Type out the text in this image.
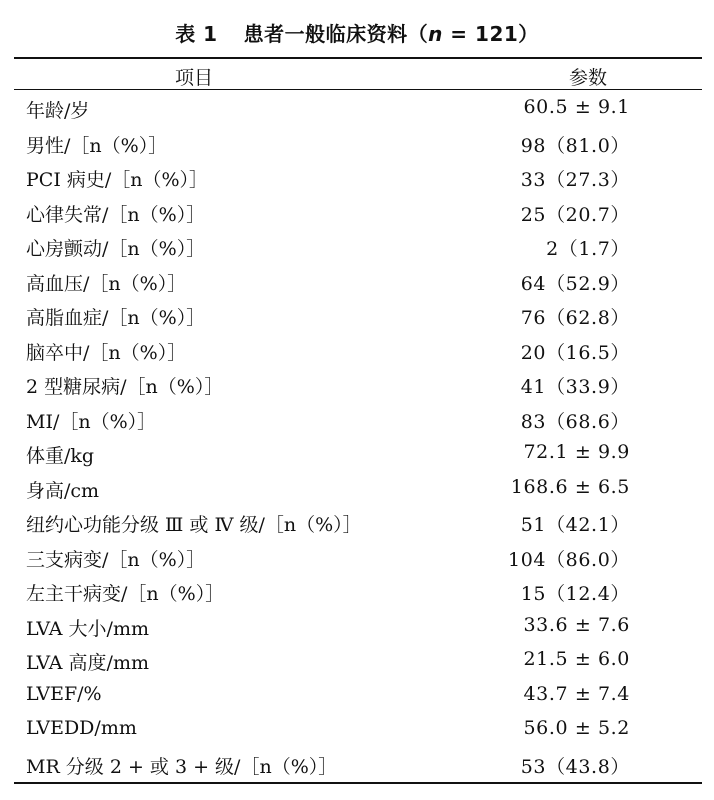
表 1 患者一般临床资料（n = 121）
项目	参数
年龄/岁	60.5 ± 9.1
男性/［n（%）］	98（81.0）
PCI 病史/［n（%）］	33（27.3）
心律失常/［n（%）］	25（20.7）
心房颤动/［n（%）］	2（1.7）
高血压/［n（%）］	64（52.9）
高脂血症/［n（%）］	76（62.8）
脑卒中/［n（%）］	20（16.5）
2 型糖尿病/［n（%）］	41（33.9）
MI/［n（%）］	83（68.6）
体重/kg	72.1 ± 9.9
身高/cm	168.6 ± 6.5
纽约心功能分级 Ⅲ 或 Ⅳ 级/［n（%）］	51（42.1）
三支病变/［n（%）］	104（86.0）
左主干病变/［n（%）］	15（12.4）
LVA 大小/mm	33.6 ± 7.6
LVA 高度/mm	21.5 ± 6.0
LVEF/%	43.7 ± 7.4
LVEDD/mm	56.0 ± 5.2
MR 分级 2 + 或 3 + 级/［n（%）］	53（43.8）
